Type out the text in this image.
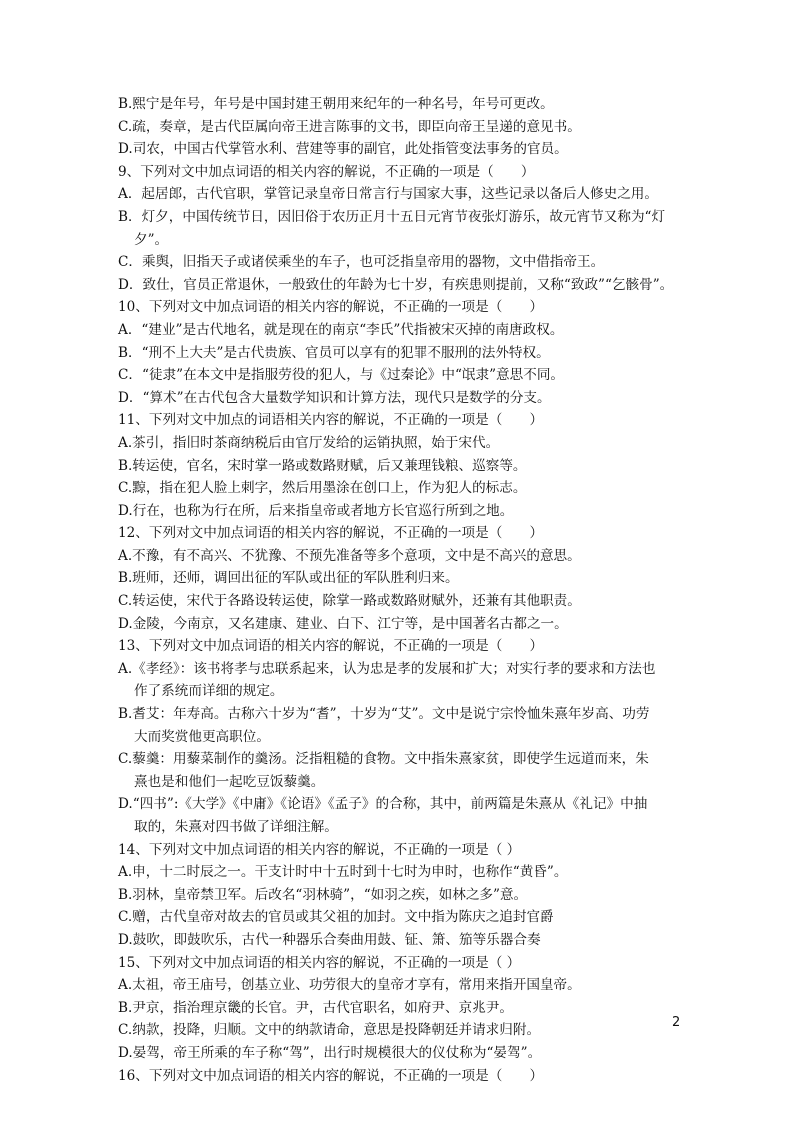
B.熙宁是年号，年号是中国封建王朝用来纪年的一种名号，年号可更改。
C.疏，奏章，是古代臣属向帝王进言陈事的文书，即臣向帝王呈递的意见书。
D.司农，中国古代掌管水利、营建等事的副官，此处指管变法事务的官员。
9、下列对文中加点词语的相关内容的解说，不正确的一项是（　　）
A．起居郎，古代官职，掌管记录皇帝日常言行与国家大事，这些记录以备后人修史之用。
B．灯夕，中国传统节日，因旧俗于农历正月十五日元宵节夜张灯游乐，故元宵节又称为“灯
夕”。
C．乘舆，旧指天子或诸侯乘坐的车子，也可泛指皇帝用的器物，文中借指帝王。
D．致仕，官员正常退休，一般致仕的年龄为七十岁，有疾患则提前，又称“致政”“乞骸骨”。
10、下列对文中加点词语的相关内容的解说，不正确的一项是（　　）
A．“建业”是古代地名，就是现在的南京“李氏”代指被宋灭掉的南唐政权。
B．“刑不上大夫”是古代贵族、官员可以享有的犯罪不服刑的法外特权。
C．“徒隶”在本文中是指服劳役的犯人，与《过秦论》中“氓隶”意思不同。
D．“算术”在古代包含大量数学知识和计算方法，现代只是数学的分支。
11、下列对文中加点的词语相关内容的解说，不正确的一项是（　　）
A.茶引，指旧时茶商纳税后由官厅发给的运销执照，始于宋代。
B.转运使，官名，宋时掌一路或数路财赋，后又兼理钱粮、巡察等。
C.黥，指在犯人脸上刺字，然后用墨涂在创口上，作为犯人的标志。
D.行在，也称为行在所，后来指皇帝或者地方长官巡行所到之地。
12、下列对文中加点词语的相关内容的解说，不正确的一项是（　　）
A.不豫，有不高兴、不犹豫、不预先准备等多个意项，文中是不高兴的意思。
B.班师，还师，调回出征的军队或出征的军队胜利归来。
C.转运使，宋代于各路设转运使，除掌一路或数路财赋外，还兼有其他职责。
D.金陵，今南京，又名建康、建业、白下、江宁等，是中国著名古都之一。
13、下列对文中加点词语的相关内容的解说，不正确的一项是（　　）
A.《孝经》：该书将孝与忠联系起来，认为忠是孝的发展和扩大；对实行孝的要求和方法也
作了系统而详细的规定。
B.耆艾：年寿高。古称六十岁为“耆”，十岁为“艾”。文中是说宁宗怜恤朱熹年岁高、功劳
大而奖赏他更高职位。
C.藜羹：用藜菜制作的羹汤。泛指粗糙的食物。文中指朱熹家贫，即使学生远道而来，朱
熹也是和他们一起吃豆饭藜羹。
D.“四书”:《大学》《中庸》《论语》《孟子》的合称，其中，前两篇是朱熹从《礼记》中抽
取的，朱熹对四书做了详细注解。
14、下列对文中加点词语的相关内容的解说，不正确的一项是（ ）
A.申，十二时辰之一。干支计时中十五时到十七时为申时，也称作“黄昏”。
B.羽林，皇帝禁卫军。后改名“羽林骑”，“如羽之疾，如林之多”意。
C.赠，古代皇帝对故去的官员或其父祖的加封。文中指为陈庆之追封官爵
D.鼓吹，即鼓吹乐，古代一种器乐合奏曲用鼓、钲、箫、笳等乐器合奏
15、下列对文中加点词语的相关内容的解说，不正确的一项是（ ）
A.太祖，帝王庙号，创基立业、功劳很大的皇帝才享有，常用来指开国皇帝。
B.尹京，指治理京畿的长官。尹，古代官职名，如府尹、京兆尹。
C.纳款，投降，归顺。文中的纳款请命，意思是投降朝廷并请求归附。
D.晏驾，帝王所乘的车子称“驾”，出行时规模很大的仪仗称为“晏驾”。
16、下列对文中加点词语的相关内容的解说，不正确的一项是（　　）
2
